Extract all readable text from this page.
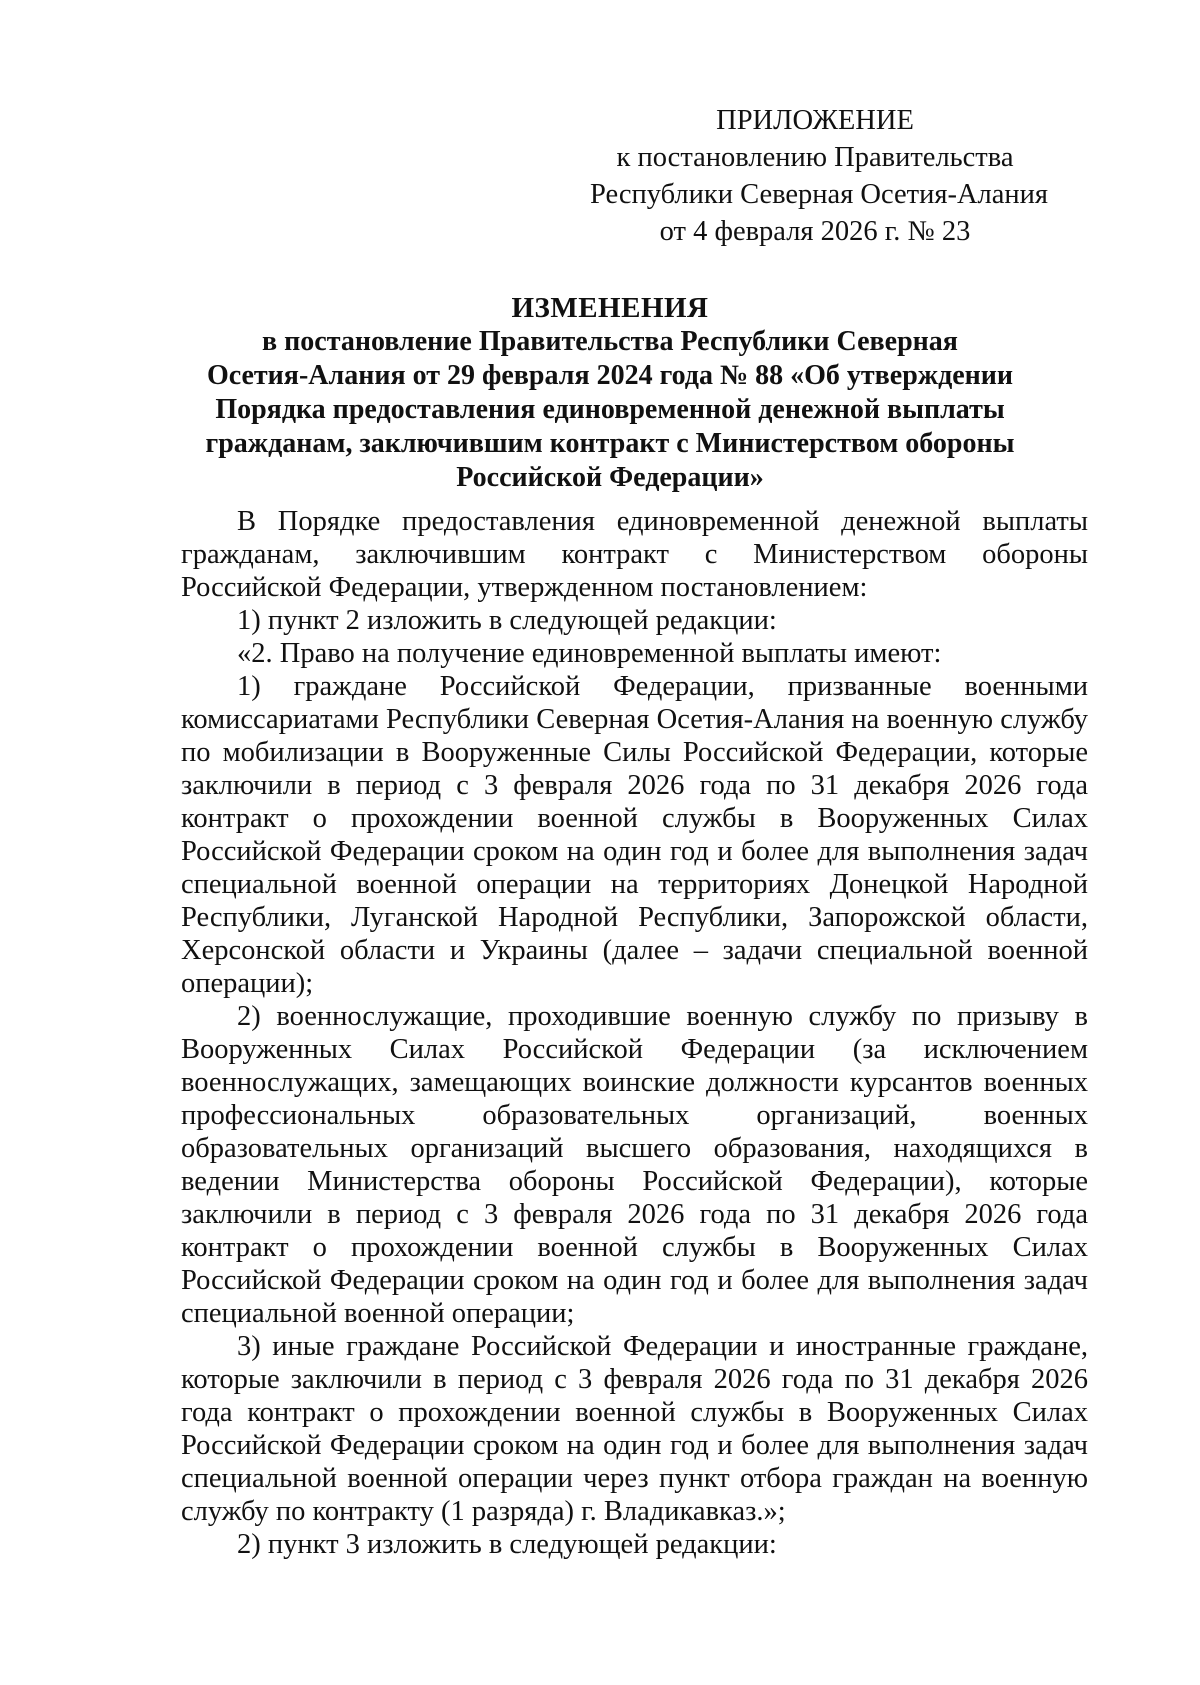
ПРИЛОЖЕНИЕ
к постановлению Правительства
Республики Северная Осетия-Алания
от 4 февраля 2026 г. № 23
ИЗМЕНЕНИЯ
в постановление Правительства Республики Северная
Осетия-Алания от 29 февраля 2024 года № 88 «Об утверждении
Порядка предоставления единовременной денежной выплаты
гражданам, заключившим контракт с Министерством обороны
Российской Федерации»

В Порядке предоставления единовременной денежной выплаты гражданам, заключившим контракт с Министерством обороны Российской Федерации, утвержденном постановлением:

1) пункт 2 изложить в следующей редакции:

«2. Право на получение единовременной выплаты имеют:

1) граждане Российской Федерации, призванные военными комиссариатами Республики Северная Осетия-Алания на военную службу по мобилизации в Вооруженные Силы Российской Федерации, которые заключили в период с 3 февраля 2026 года по 31 декабря 2026 года контракт о прохождении военной службы в Вооруженных Силах Российской Федерации сроком на один год и более для выполнения задач специальной военной операции на территориях Донецкой Народной Республики, Луганской Народной Республики, Запорожской области, Херсонской области и Украины (далее – задачи специальной военной операции);

2) военнослужащие, проходившие военную службу по призыву в Вооруженных Силах Российской Федерации (за исключением военнослужащих, замещающих воинские должности курсантов военных профессиональных образовательных организаций, военных образовательных организаций высшего образования, находящихся в ведении Министерства обороны Российской Федерации), которые заключили в период с 3 февраля 2026 года по 31 декабря 2026 года контракт о прохождении военной службы в Вооруженных Силах Российской Федерации сроком на один год и более для выполнения задач специальной военной операции;

3) иные граждане Российской Федерации и иностранные граждане, которые заключили в период с 3 февраля 2026 года по 31 декабря 2026 года контракт о прохождении военной службы в Вооруженных Силах Российской Федерации сроком на один год и более для выполнения задач специальной военной операции через пункт отбора граждан на военную службу по контракту (1 разряда) г. Владикавказ.»;

2) пункт 3 изложить в следующей редакции:
